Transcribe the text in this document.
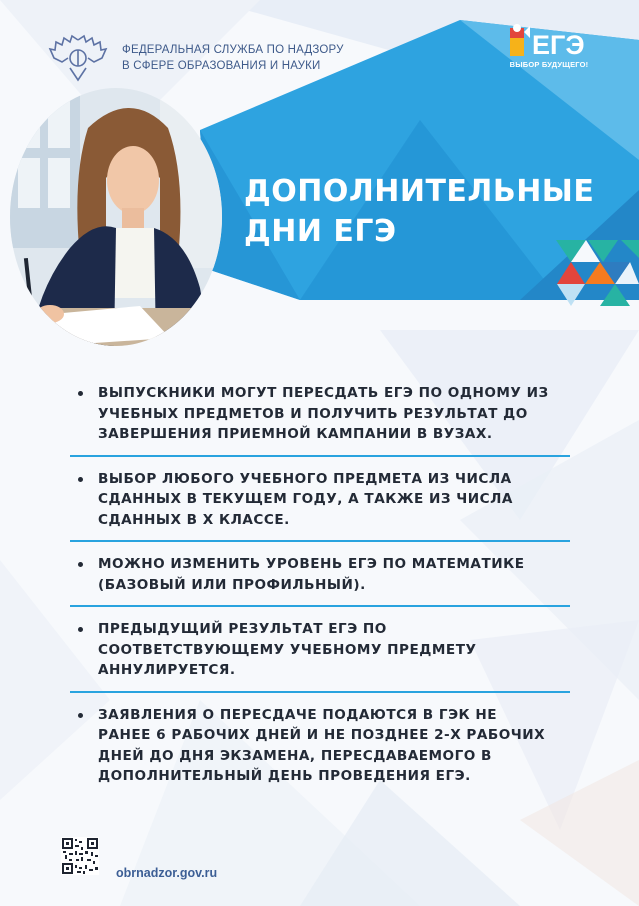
ФЕДЕРАЛЬНАЯ СЛУЖБА ПО НАДЗОРУ
В СФЕРЕ ОБРАЗОВАНИЯ И НАУКИ
ЕГЭ
ВЫБОР БУДУЩЕГО!
ДОПОЛНИТЕЛЬНЫЕ
ДНИ ЕГЭ
ВЫПУСКНИКИ МОГУТ ПЕРЕСДАТЬ ЕГЭ ПО ОДНОМУ ИЗ
УЧЕБНЫХ ПРЕДМЕТОВ И ПОЛУЧИТЬ РЕЗУЛЬТАТ ДО
ЗАВЕРШЕНИЯ ПРИЕМНОЙ КАМПАНИИ В ВУЗАХ.
ВЫБОР ЛЮБОГО УЧЕБНОГО ПРЕДМЕТА ИЗ ЧИСЛА
СДАННЫХ В ТЕКУЩЕМ ГОДУ, А ТАКЖЕ ИЗ ЧИСЛА
СДАННЫХ В Х КЛАССЕ.
МОЖНО ИЗМЕНИТЬ УРОВЕНЬ ЕГЭ ПО МАТЕМАТИКЕ
(БАЗОВЫЙ ИЛИ ПРОФИЛЬНЫЙ).
ПРЕДЫДУЩИЙ РЕЗУЛЬТАТ ЕГЭ ПО
СООТВЕТСТВУЮЩЕМУ УЧЕБНОМУ ПРЕДМЕТУ
АННУЛИРУЕТСЯ.
ЗАЯВЛЕНИЯ О ПЕРЕСДАЧЕ ПОДАЮТСЯ В ГЭК НЕ
РАНЕЕ 6 РАБОЧИХ ДНЕЙ И НЕ ПОЗДНЕЕ 2-Х РАБОЧИХ
ДНЕЙ ДО ДНЯ ЭКЗАМЕНА, ПЕРЕСДАВАЕМОГО В
ДОПОЛНИТЕЛЬНЫЙ ДЕНЬ ПРОВЕДЕНИЯ ЕГЭ.
obrnadzor.gov.ru
